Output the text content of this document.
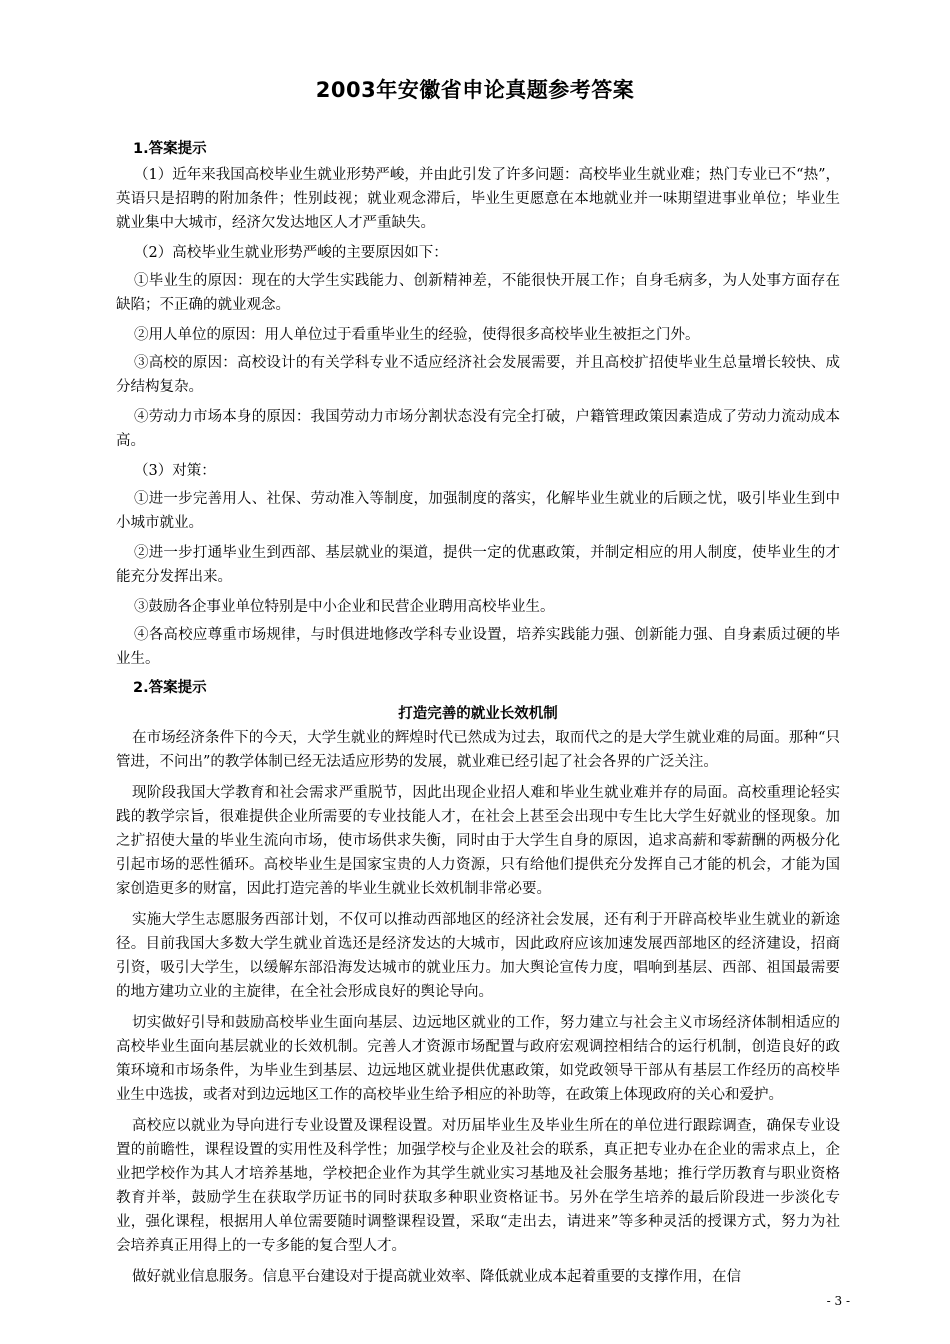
2003年安徽省申论真题参考答案
1.答案提示

（1）近年来我国高校毕业生就业形势严峻，并由此引发了许多问题：高校毕业生就业难；热门专业已不“热”，英语只是招聘的附加条件；性别歧视；就业观念滞后，毕业生更愿意在本地就业并一味期望进事业单位；毕业生就业集中大城市，经济欠发达地区人才严重缺失。

（2）高校毕业生就业形势严峻的主要原因如下：

①毕业生的原因：现在的大学生实践能力、创新精神差，不能很快开展工作；自身毛病多，为人处事方面存在缺陷；不正确的就业观念。

②用人单位的原因：用人单位过于看重毕业生的经验，使得很多高校毕业生被拒之门外。

③高校的原因：高校设计的有关学科专业不适应经济社会发展需要，并且高校扩招使毕业生总量增长较快、成分结构复杂。

④劳动力市场本身的原因：我国劳动力市场分割状态没有完全打破，户籍管理政策因素造成了劳动力流动成本高。

（3）对策：

①进一步完善用人、社保、劳动准入等制度，加强制度的落实，化解毕业生就业的后顾之忧，吸引毕业生到中小城市就业。

②进一步打通毕业生到西部、基层就业的渠道，提供一定的优惠政策，并制定相应的用人制度，使毕业生的才能充分发挥出来。

③鼓励各企事业单位特别是中小企业和民营企业聘用高校毕业生。

④各高校应尊重市场规律，与时俱进地修改学科专业设置，培养实践能力强、创新能力强、自身素质过硬的毕业生。

2.答案提示
打造完善的就业长效机制

在市场经济条件下的今天，大学生就业的辉煌时代已然成为过去，取而代之的是大学生就业难的局面。那种“只管进，不问出”的教学体制已经无法适应形势的发展，就业难已经引起了社会各界的广泛关注。

现阶段我国大学教育和社会需求严重脱节，因此出现企业招人难和毕业生就业难并存的局面。高校重理论轻实践的教学宗旨，很难提供企业所需要的专业技能人才，在社会上甚至会出现中专生比大学生好就业的怪现象。加之扩招使大量的毕业生流向市场，使市场供求失衡，同时由于大学生自身的原因，追求高薪和零薪酬的两极分化引起市场的恶性循环。高校毕业生是国家宝贵的人力资源，只有给他们提供充分发挥自己才能的机会，才能为国家创造更多的财富，因此打造完善的毕业生就业长效机制非常必要。

实施大学生志愿服务西部计划，不仅可以推动西部地区的经济社会发展，还有利于开辟高校毕业生就业的新途径。目前我国大多数大学生就业首选还是经济发达的大城市，因此政府应该加速发展西部地区的经济建设，招商引资，吸引大学生，以缓解东部沿海发达城市的就业压力。加大舆论宣传力度，唱响到基层、西部、祖国最需要的地方建功立业的主旋律，在全社会形成良好的舆论导向。

切实做好引导和鼓励高校毕业生面向基层、边远地区就业的工作，努力建立与社会主义市场经济体制相适应的高校毕业生面向基层就业的长效机制。完善人才资源市场配置与政府宏观调控相结合的运行机制，创造良好的政策环境和市场条件，为毕业生到基层、边远地区就业提供优惠政策，如党政领导干部从有基层工作经历的高校毕业生中选拔，或者对到边远地区工作的高校毕业生给予相应的补助等，在政策上体现政府的关心和爱护。

高校应以就业为导向进行专业设置及课程设置。对历届毕业生及毕业生所在的单位进行跟踪调查，确保专业设置的前瞻性，课程设置的实用性及科学性；加强学校与企业及社会的联系，真正把专业办在企业的需求点上，企业把学校作为其人才培养基地，学校把企业作为其学生就业实习基地及社会服务基地；推行学历教育与职业资格教育并举，鼓励学生在获取学历证书的同时获取多种职业资格证书。另外在学生培养的最后阶段进一步淡化专业，强化课程，根据用人单位需要随时调整课程设置，采取“走出去，请进来”等多种灵活的授课方式，努力为社会培养真正用得上的一专多能的复合型人才。

做好就业信息服务。信息平台建设对于提高就业效率、降低就业成本起着重要的支撑作用，在信

- 3 -
